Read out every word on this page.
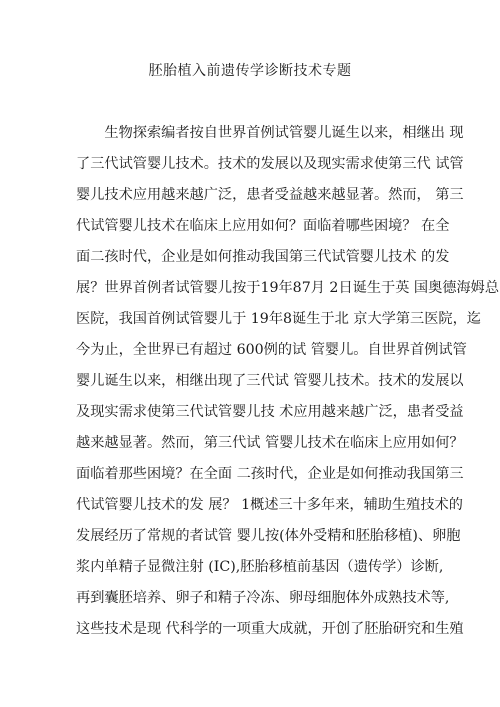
胚胎植入前遗传学诊断技术专题
　　生物探索编者按自世界首例试管婴儿诞生以来，相继出 现
了三代试管婴儿技术。技术的发展以及现实需求使第三代 试管
婴儿技术应用越来越广泛，患者受益越来越显著。然而， 第三
代试管婴儿技术在临床上应用如何？面临着哪些困境？ 在全
面二孩时代，企业是如何推动我国第三代试管婴儿技术 的发
展？世界首例者试管婴儿按于19年87月 2日诞生于英 国奥德海姆总
医院，我国首例试管婴儿于 19年8诞生于北 京大学第三医院，迄
今为止，全世界已有超过 600例的试 管婴儿。自世界首例试管
婴儿诞生以来，相继出现了三代试 管婴儿技术。技术的发展以
及现实需求使第三代试管婴儿技 术应用越来越广泛，患者受益
越来越显著。然而，第三代试 管婴儿技术在临床上应用如何？
面临着那些困境？在全面 二孩时代，企业是如何推动我国第三
代试管婴儿技术的发 展？ 1概述三十多年来，辅助生殖技术的
发展经历了常规的者试管 婴儿按(体外受精和胚胎移植)、卵胞
浆内单精子显微注射 (IC),胚胎移植前基因（遗传学）诊断,
再到囊胚培养、卵子和精子冷冻、卵母细胞体外成熟技术等,
这些技术是现 代科学的一项重大成就，开创了胚胎研究和生殖
